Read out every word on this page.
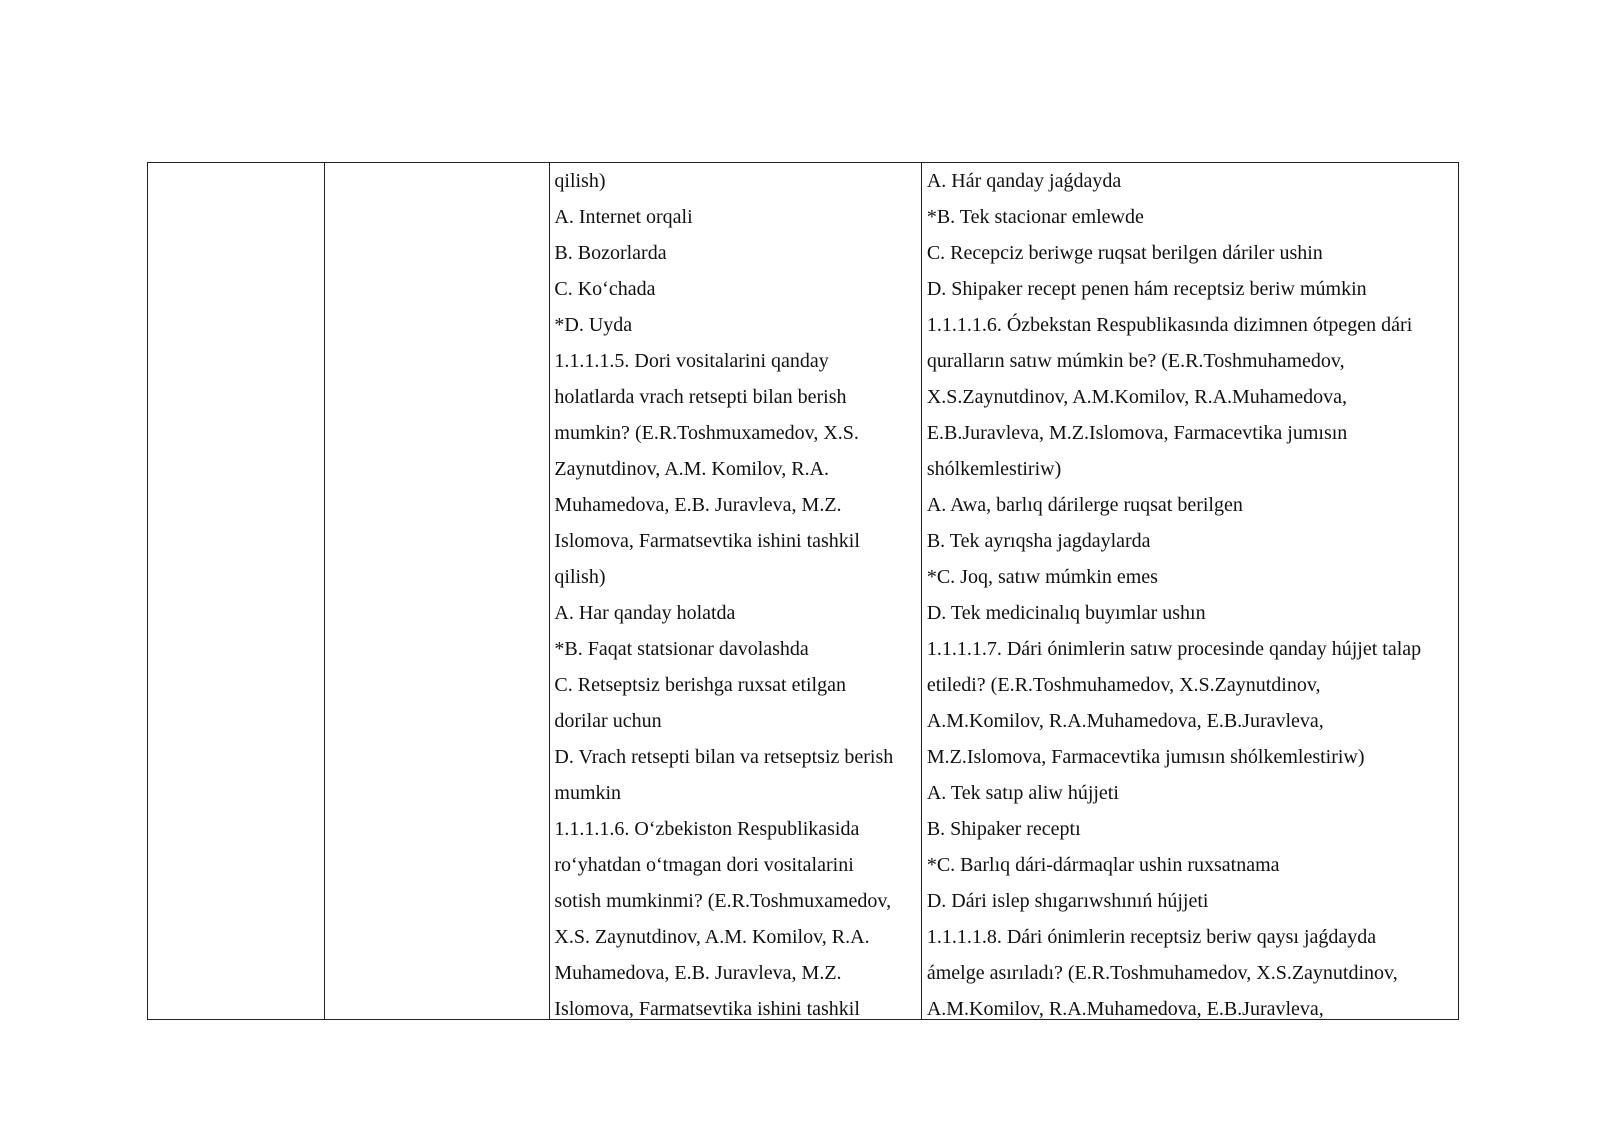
qilish)
A. Internet orqali
B. Bozorlarda
C. Ko‘chada
*D. Uyda
1.1.1.1.5. Dori vositalarini qanday
holatlarda vrach retsepti bilan berish
mumkin? (E.R.Toshmuxamedov, X.S.
Zaynutdinov, A.M. Komilov, R.A.
Muhamedova, E.B. Juravleva, M.Z.
Islomova, Farmatsevtika ishini tashkil
qilish)
A. Har qanday holatda
*B. Faqat statsionar davolashda
C. Retseptsiz berishga ruxsat etilgan
dorilar uchun
D. Vrach retsepti bilan va retseptsiz berish
mumkin
1.1.1.1.6. O‘zbekiston Respublikasida
ro‘yhatdan o‘tmagan dori vositalarini
sotish mumkinmi? (E.R.Toshmuxamedov,
X.S. Zaynutdinov, A.M. Komilov, R.A.
Muhamedova, E.B. Juravleva, M.Z.
Islomova, Farmatsevtika ishini tashkil
A. Hár qanday jaǵdayda
*B. Tek stacionar emlewde
C. Recepciz beriwge ruqsat berilgen dáriler ushin
D. Shipaker recept penen hám receptsiz beriw múmkin
1.1.1.1.6. Ózbekstan Respublikasında dizimnen ótpegen dári
quralların satıw múmkin be? (E.R.Toshmuhamedov,
X.S.Zaynutdinov, A.M.Komilov, R.A.Muhamedova,
E.B.Juravleva, M.Z.Islomova, Farmacevtika jumısın
shólkemlestiriw)
A. Awa, barlıq dárilerge ruqsat berilgen
B. Tek ayrıqsha jagdaylarda
*C. Joq, satıw múmkin emes
D. Tek medicinalıq buyımlar ushın
1.1.1.1.7. Dári ónimlerin satıw procesinde qanday hújjet talap
etiledi? (E.R.Toshmuhamedov, X.S.Zaynutdinov,
A.M.Komilov, R.A.Muhamedova, E.B.Juravleva,
M.Z.Islomova, Farmacevtika jumısın shólkemlestiriw)
A. Tek satıp aliw hújjeti
B. Shipaker receptı
*C. Barlıq dári-dármaqlar ushin ruxsatnama
D. Dári islep shıgarıwshınıń hújjeti
1.1.1.1.8. Dári ónimlerin receptsiz beriw qaysı jaǵdayda
ámelge asırıladı? (E.R.Toshmuhamedov, X.S.Zaynutdinov,
A.M.Komilov, R.A.Muhamedova, E.B.Juravleva,
